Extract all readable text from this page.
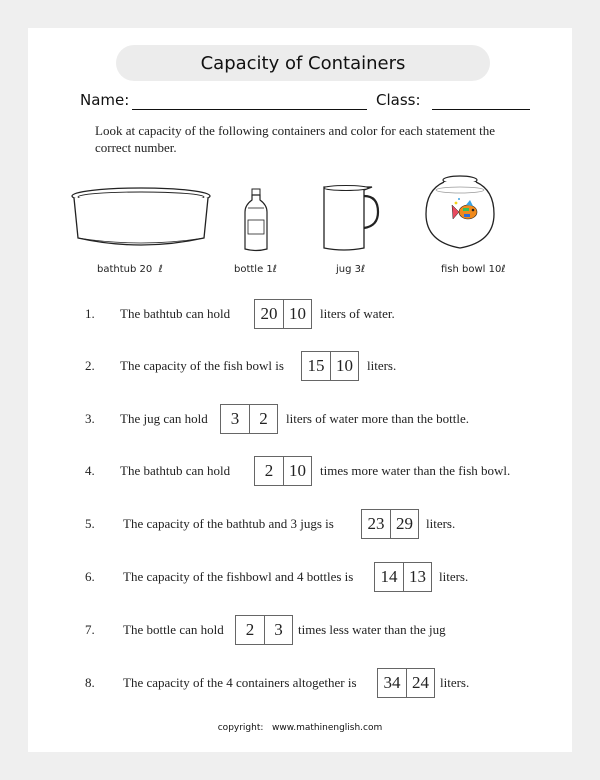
Capacity of Containers
Name:	Class:
Look at capacity of the following containers and color for each statement the correct number.
bathtub 20 ℓ	bottle 1ℓ	jug 3ℓ	fish bowl 10ℓ
1. The bathtub can hold	20 10	liters of water.
2. The capacity of the fish bowl is	15 10	liters.
3. The jug can hold	3	2	liters of water more than the bottle.
4. The bathtub can hold	2 10	times more water than the fish bowl.
5. The capacity of the bathtub and 3 jugs is	23 29	liters.
6. The capacity of the fishbowl and 4 bottles is	14 13	liters.
7. The bottle can hold	2	3	times less water than the jug
8. The capacity of the 4 containers altogether is	34 24 liters.
copyright:   www.mathinenglish.com
